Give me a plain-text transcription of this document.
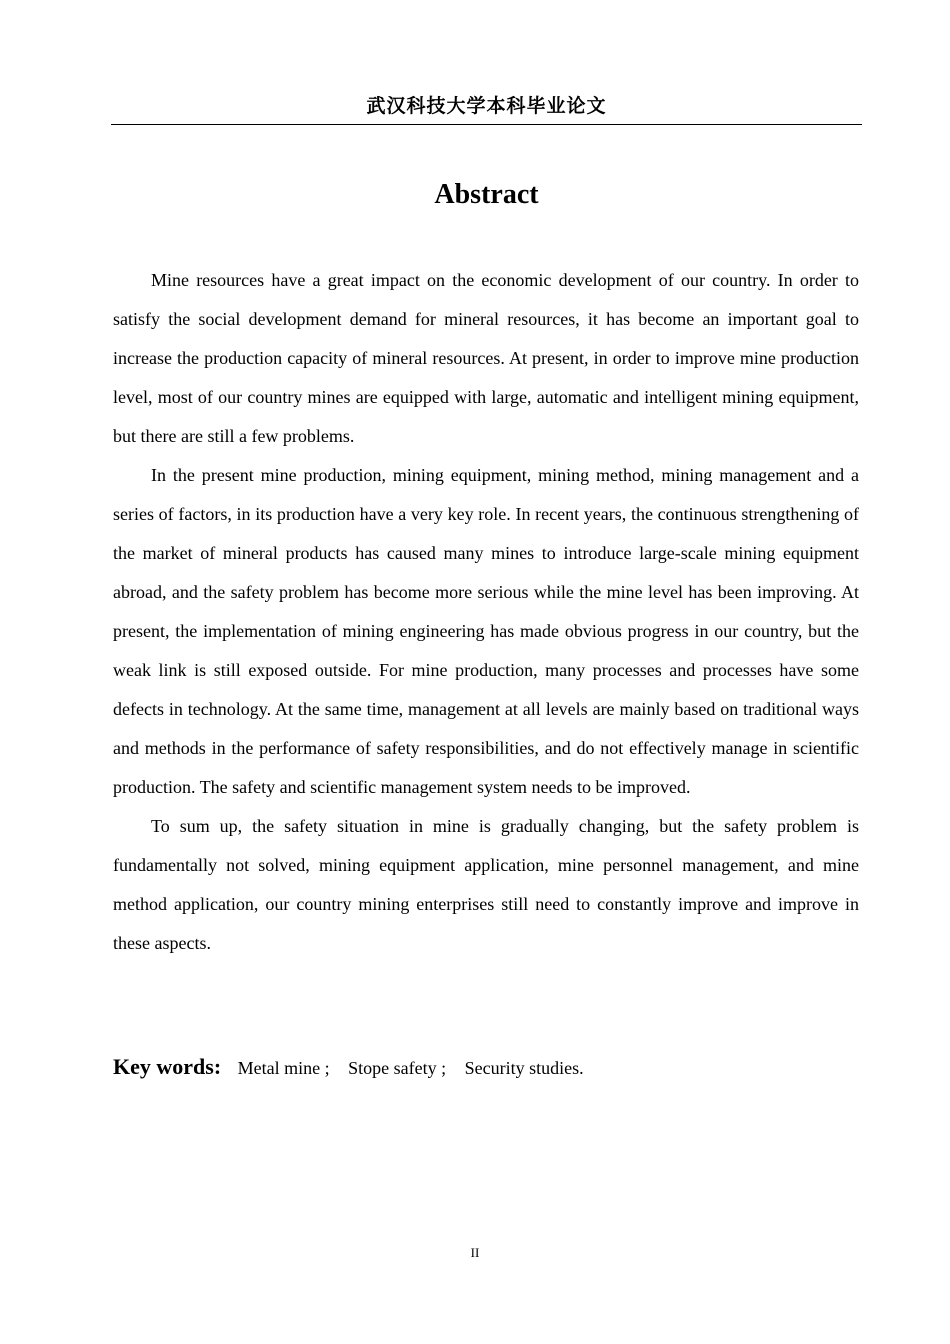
武汉科技大学本科毕业论文
Abstract

Mine resources have a great impact on the economic development of our country. In order to satisfy the social development demand for mineral resources, it has become an important goal to increase the production capacity of mineral resources. At present, in order to improve mine production level, most of our country mines are equipped with large, automatic and intelligent mining equipment, but there are still a few problems.

In the present mine production, mining equipment, mining method, mining management and a series of factors, in its production have a very key role. In recent years, the continuous strengthening of the market of mineral products has caused many mines to introduce large-scale mining equipment abroad, and the safety problem has become more serious while the mine level has been improving. At present, the implementation of mining engineering has made obvious progress in our country, but the weak link is still exposed outside. For mine production, many processes and processes have some defects in technology. At the same time, management at all levels are mainly based on traditional ways and methods in the performance of safety responsibilities, and do not effectively manage in scientific production. The safety and scientific management system needs to be improved.

To sum up, the safety situation in mine is gradually changing, but the safety problem is fundamentally not solved, mining equipment application, mine personnel management, and mine method application, our country mining enterprises still need to constantly improve and improve in these aspects.

Key words: Metal mine ; Stope safety ; Security studies.
II
